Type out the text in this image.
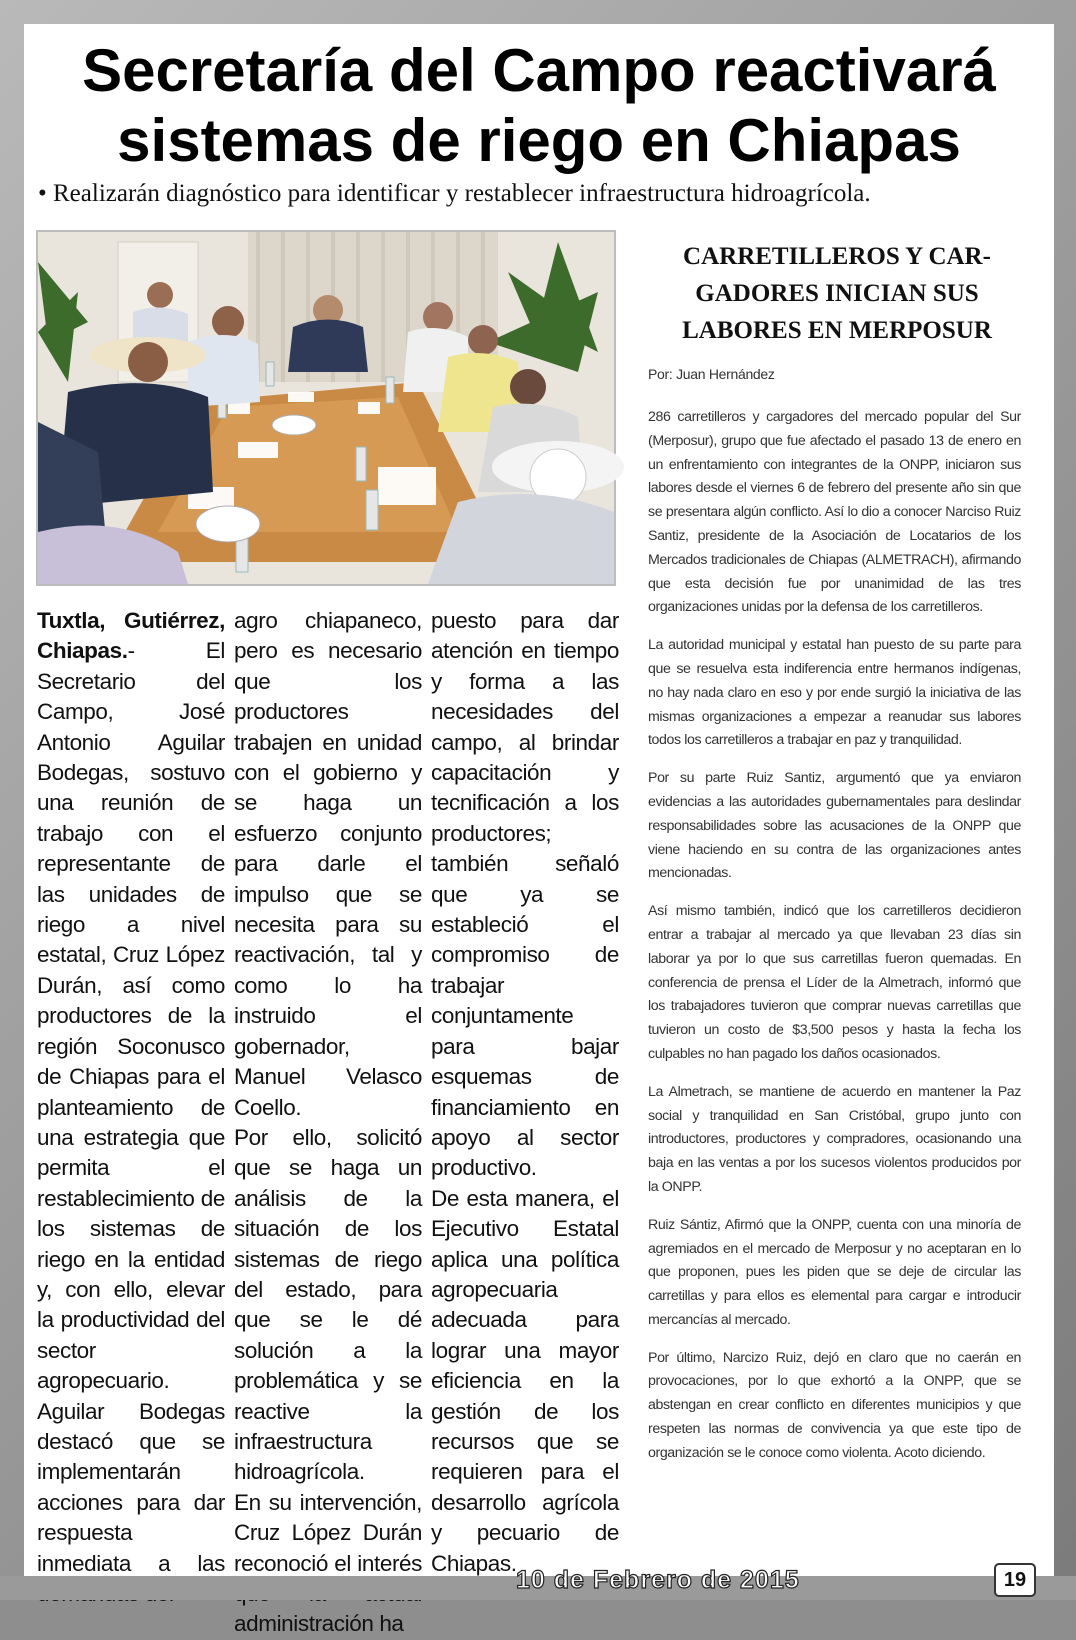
Secretaría del Campo reactivará
sistemas de riego en Chiapas
• Realizarán diagnóstico para identificar y restablecer infraestructura hidroagrícola.

Tuxtla, Gutiérrez, Chiapas.- El Secretario del Campo, José Antonio Aguilar Bodegas, sostuvo una reunión de trabajo con el representante de las unidades de riego a nivel estatal, Cruz López Durán, así como productores de la región Soconusco de Chiapas para el planteamiento de una estrategia que permita el restablecimiento de los sistemas de riego en la entidad y, con ello, elevar la productividad del sector agropecuario.

Aguilar Bodegas destacó que se implementarán acciones para dar respuesta inmediata a las

agro chiapaneco, pero es necesario que los productores trabajen en unidad con el gobierno y se haga un esfuerzo conjunto para darle el impulso que se necesita para su reactivación, tal y como lo ha instruido el gobernador, Manuel Velasco Coello.

Por ello, solicitó que se haga un análisis de la situación de los sistemas de riego del estado, para que se le dé solución a la problemática y se reactive la infraestructura hidroagrícola.

En su intervención, Cruz López Durán reconoció el interés administración ha

puesto para dar atención en tiempo y forma a las necesidades del campo, al brindar capacitación y tecnificación a los productores; también señaló que ya se estableció el compromiso de trabajar conjuntamente para bajar esquemas de financiamiento en apoyo al sector productivo.

De esta manera, el Ejecutivo Estatal aplica una política agropecuaria adecuada para lograr una mayor eficiencia en la gestión de los recursos que se requieren para el desarrollo agrícola y pecuario de Chiapas.

CARRETILLEROS Y CAR-
GADORES INICIAN SUS
LABORES EN MERPOSUR
Por: Juan Hernández

286 carretilleros y cargadores del mercado popular del Sur (Merposur), grupo que fue afectado el pasado 13 de enero en un enfrentamiento con integrantes de la ONPP, iniciaron sus labores desde el viernes 6 de febrero del presente año sin que se presentara algún conflicto. Así lo dio a conocer Narciso Ruiz Santiz, presidente de la Asociación de Locatarios de los Mercados tradicionales de Chiapas (ALMETRACH), afirmando que esta decisión fue por unanimidad de las tres organizaciones unidas por la defensa de los carretilleros.

La autoridad municipal y estatal han puesto de su parte para que se resuelva esta indiferencia entre hermanos indígenas, no hay nada claro en eso y por ende surgió la iniciativa de las mismas organizaciones a empezar a reanudar sus labores todos los carretilleros a trabajar en paz y tranquilidad.

Por su parte Ruiz Santiz, argumentó que ya enviaron evidencias a las autoridades gubernamentales para deslindar responsabilidades sobre las acusaciones de la ONPP que viene haciendo en su contra de las organizaciones antes mencionadas.

Así mismo también, indicó que los carretilleros decidieron entrar a trabajar al mercado ya que llevaban 23 días sin laborar ya por lo que sus carretillas fueron quemadas. En conferencia de prensa el Líder de la Almetrach, informó que los trabajadores tuvieron que comprar nuevas carretillas que tuvieron un costo de $3,500 pesos y hasta la fecha los culpables no han pagado los daños ocasionados.

La Almetrach, se mantiene de acuerdo en mantener la Paz social y tranquilidad en San Cristóbal, grupo junto con introductores, productores y compradores, ocasionando una baja en las ventas a por los sucesos violentos producidos por la ONPP.

Ruiz Sántiz, Afirmó que la ONPP, cuenta con una minoría de agremiados en el mercado de Merposur y no aceptaran en lo que proponen, pues les piden que se deje de circular las carretillas y para ellos es elemental para cargar e introducir mercancías al mercado.

Por último, Narcizo Ruiz, dejó en claro que no caerán en provocaciones, por lo que exhortó a la ONPP, que se abstengan en crear conflicto en diferentes municipios y que respeten las normas de convivencia ya que este tipo de organización se le conoce como violenta. Acoto diciendo.

10 de Febrero de 2015	19
